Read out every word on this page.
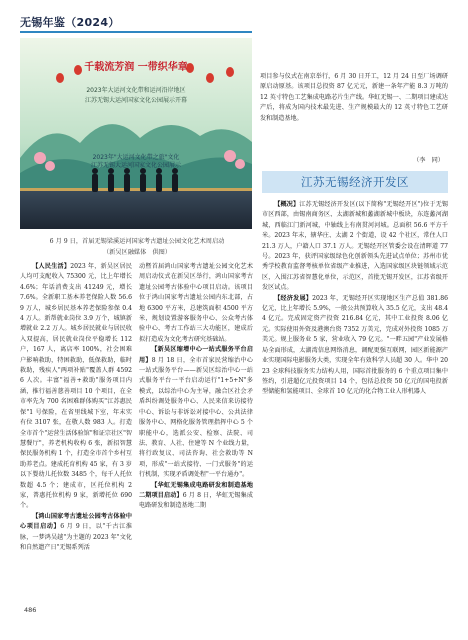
无锡年鉴（2024）
千载流芳润 一带织华章
2023年大运河文化带和运河沿岸地区
江苏无锡大运河国家文化公园展示开幕
2023年"大运河文化带之旅"文化
江苏无锡大运河国家文化公园展示
6 月 9 日，首届无锡梁溪运河国家考古遗址公园文化艺术周启动
（新吴区融媒体　供图）

项目参与仪式在南京举行，6 月 30 日开工，12 月 24 日至厂场调研原启动原基。该项目总投资 87 亿元元，新建一条年产能 8.3 万吨的 12 英寸特色工艺集成电路芯片生产线。华虹无锡一、二期项目建成达产后，将成为国内技术最先进、生产规模最大的 12 英寸特色工艺研发和制造基地。

（李　同）
江苏无锡经济开发区

【人民生活】2023 年，新吴区居民人均可支配收入 75300 元，比上年增长 4.6%；年话消费支出 41249 元，增长 7.6%。全新职工基本养老保险人数 56.69 万人，城乡居民基本养老保险参保 0.44 万人。新帮就业岗位 3.9 万个，城镇新增就业 2.2 万人。城乡居民就业与居民收入双提高，居民就业岗位平稳增长 112 户，167 人，离店率 100%，社会困难户影响救助，特困救助，低保救助，临时救助，残疾人"两项补贴"覆盖人群 45926 人次。丰富"福善+救助"服务项目内涵，推行福善慈善项目 10 个项目，在全市率先为 700 名困难群体购买"江苏惠民保"1 号保险，在省里线城下室，年末实有位 3107 张，在敬人数 983 人。打造全市首个"运营生活体验馆"和证宗社区"智慧餐厅"，养老机构收构 6 张，新招智慧保民服务机构 1 个，打造全市首个乡村互助养老点。建成托育机构 45 家，有 3 岁以下婴幼儿托位数 3485 个，每千人托位数超 4.5 个；建成市，区托位机构 2 家，普惠托位机构 9 家，新增托位 690 个。

【鸿山国家考古遗址公园考古体验中心项目启动】6 月 9 日，以"千古江淮脉，一梦鸿吴越"为主题的 2023 年"文化和自然遗产日"无锡系列活

动暨首届鸿山国家考古遗址公园文化艺术周启动仪式在新吴区举行，鸿山国家考古遗址公园考古体验中心项目启动。该项目位于鸿山国家考古遗址公园内东北部，占地 6300 平方米，总建筑面积 4500 平方米，规划设置游客服务中心、公众考古体验中心、考古工作站三大功能区，建成后拟打造成为文化考古研究基础站。

【新吴区缩增中心一站式服务平台启用】8 月 18 日，全市首家民营缩治中心一站式服务平台——新吴区综治中心一站式服务平台一平台启动运行"1+5+N"多模式，以综治中心为主导，融合区社会矛盾纠纷调处服务中心、人民来信来访接待中心、诉讼与非诉讼对接中心、公共法律服务中心、网格化服务管理指挥中心 5 个职能中心，选派公安、检察、法院、司法、教育、人社、住建等 N 个业线力量，将行政复议、司法咨询、社会救助等 N 项，形成"一站式接待、一门式服务"的运行机制，实现矛盾调处程"一平台通办"。

【华虹无锡集成电路研发和制造基地二期项目启动】6 月 8 日，华虹无锡集成电路研发和制造基地二期

【概况】江苏无锡经济开发区(以下简称"无锡经开区")位于无锡市区西部，由锡南商务区、太湖新城和蠡湖新城中板块，东连蠡河湖城，西临江门新河城，中轴线上有南贯河河城。总面积 56.6 平方千米。2023 年末，辖华庄、太湖 2 个街道，设 42 个社区，常住人口 21.3 万人，户籍人口 37.1 万人。无锡经开区管委会设在清晖道 77 号。2023 年，获评国家级绿色化创新领头先进试点单位；苏州市优秀学校教育监督考核单位省级产业推进，入选国家级区块链领域示范区，入围江苏省智慧化单位，示范区，首批无锡开发区，江苏省级开发区试点。

【经济发展】2023 年，无锡经开区实现地区生产总值 381.86 亿元，比上年增长 5.9%，一般公共预算收入 35.5 亿元，支出 48.44 亿元。完成固定资产投资 216.84 亿元，其中工业投资 8.06 亿元。实际使用外资及港澳台资 7352 万美元，完成对外投资 1085 万美元。规上服务业 5 家，营业收入 79 亿元。"一畔五园"产业发展格局全面形成，太湖湾信息网络消息，调配更强互联网，园区新能源产业实现国际电影服务大类，实现全年有效科学人员超 30 人。华中 2023 全球科技服务实力结构人用，国际首批服务的 6 个重点项目集中签约，引进超亿元投资项目 14 个，包括总投资 50 亿元的国电投新型储能和氢能项目、全球首 10 亿元的化合物工业人形机器人

486
